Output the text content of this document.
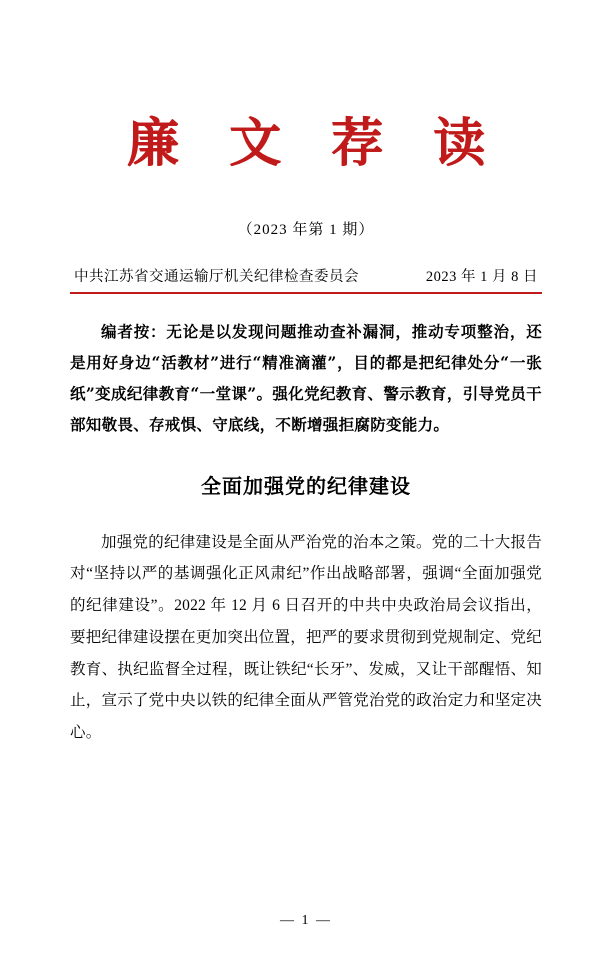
廉 文 荐 读
（2023 年第 1 期）
中共江苏省交通运输厅机关纪律检查委员会	2023 年 1 月 8 日
编者按：无论是以发现问题推动查补漏洞，推动专项整治，还是用好身边“活教材”进行“精准滴灌”，目的都是把纪律处分“一张纸”变成纪律教育“一堂课”。强化党纪教育、警示教育，引导党员干部知敬畏、存戒惧、守底线，不断增强拒腐防变能力。
全面加强党的纪律建设
加强党的纪律建设是全面从严治党的治本之策。党的二十大报告对“坚持以严的基调强化正风肃纪”作出战略部署，强调“全面加强党的纪律建设”。2022 年 12 月 6 日召开的中共中央政治局会议指出，要把纪律建设摆在更加突出位置，把严的要求贯彻到党规制定、党纪教育、执纪监督全过程，既让铁纪“长牙”、发威，又让干部醒悟、知止，宣示了党中央以铁的纪律全面从严管党治党的政治定力和坚定决心。
— 1 —
